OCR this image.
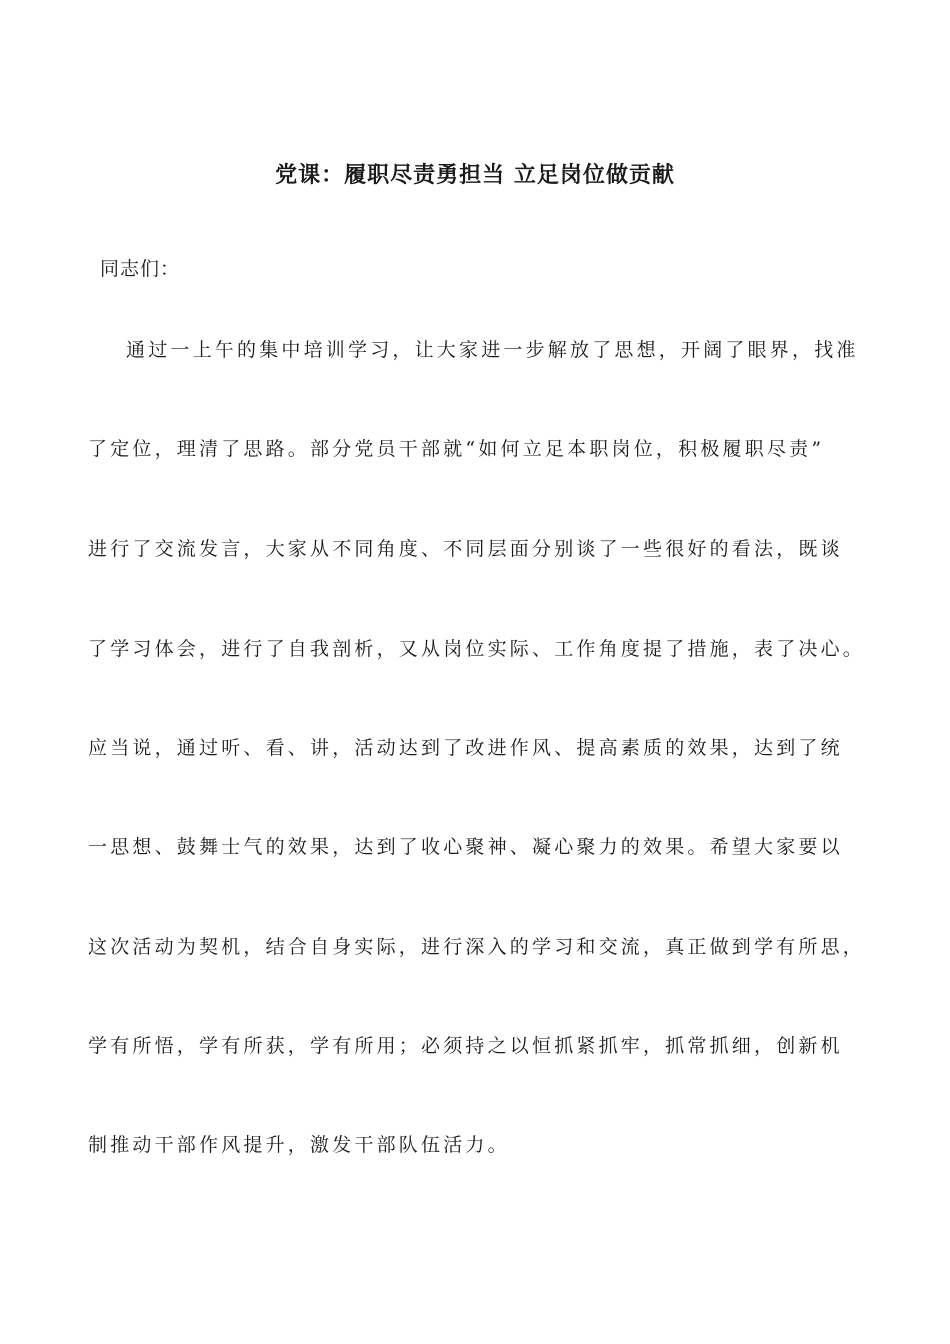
党课：履职尽责勇担当 立足岗位做贡献
同志们：
通过一上午的集中培训学习，让大家进一步解放了思想，开阔了眼界，找准
了定位，理清了思路。部分党员干部就“如何立足本职岗位，积极履职尽责”
进行了交流发言，大家从不同角度、不同层面分别谈了一些很好的看法，既谈
了学习体会，进行了自我剖析，又从岗位实际、工作角度提了措施，表了决心。
应当说，通过听、看、讲，活动达到了改进作风、提高素质的效果，达到了统
一思想、鼓舞士气的效果，达到了收心聚神、凝心聚力的效果。希望大家要以
这次活动为契机，结合自身实际，进行深入的学习和交流，真正做到学有所思，
学有所悟，学有所获，学有所用；必须持之以恒抓紧抓牢，抓常抓细，创新机
制推动干部作风提升，激发干部队伍活力。
